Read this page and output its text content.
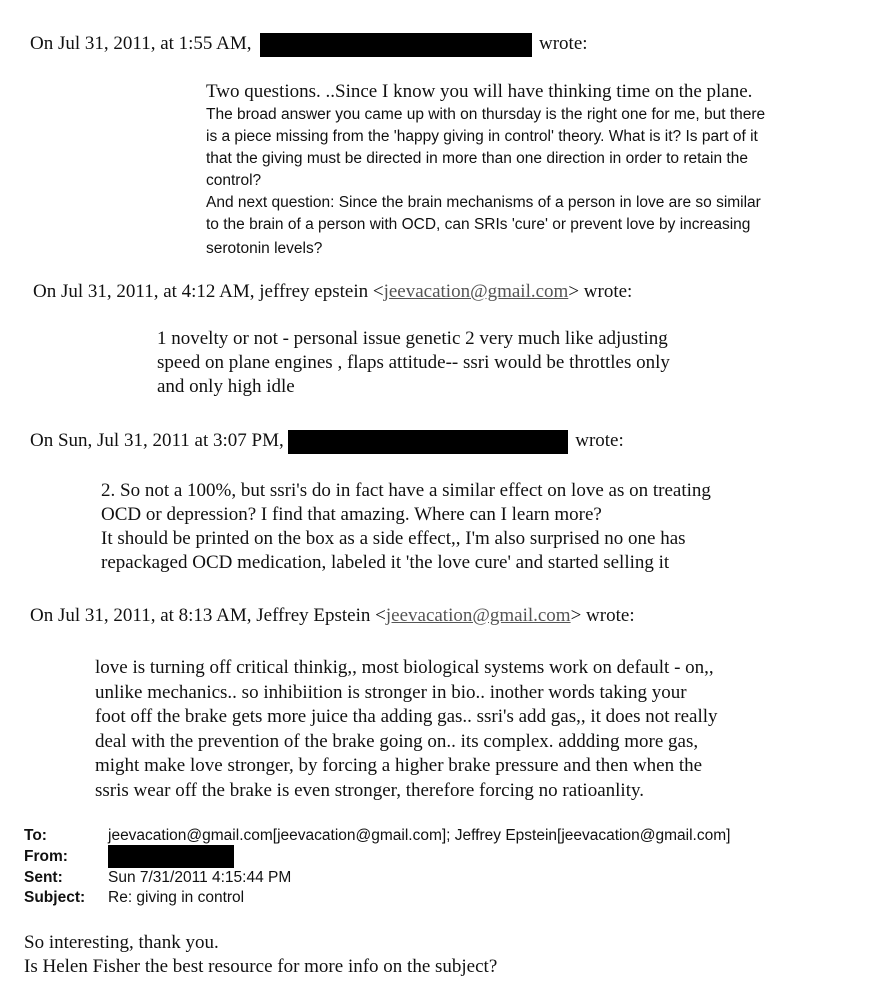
On Jul 31, 2011, at 1:55 AM,	wrote:
Two questions. ..Since I know you will have thinking time on the plane.
The broad answer you came up with on thursday is the right one for me, but there
is a piece missing from the 'happy giving in control' theory. What is it? Is part of it
that the giving must be directed in more than one direction in order to retain the
control?
And next question: Since the brain mechanisms of a person in love are so similar
to the brain of a person with OCD, can SRIs 'cure' or prevent love by increasing
serotonin levels?
On Jul 31, 2011, at 4:12 AM, jeffrey epstein <jeevacation@gmail.com> wrote:
1 novelty or not - personal issue genetic 2 very much like adjusting
speed on plane engines , flaps attitude-- ssri would be throttles only
and only high idle
On Sun, Jul 31, 2011 at 3:07 PM,	wrote:
2. So not a 100%, but ssri's do in fact have a similar effect on love as on treating
OCD or depression? I find that amazing. Where can I learn more?
It should be printed on the box as a side effect,, I'm also surprised no one has
repackaged OCD medication, labeled it 'the love cure' and started selling it
On Jul 31, 2011, at 8:13 AM, Jeffrey Epstein <jeevacation@gmail.com> wrote:
love is turning off critical thinkig,, most biological systems work on default - on,,
unlike mechanics.. so inhibiition is stronger in bio.. inother words taking your
foot off the brake gets more juice tha adding gas.. ssri's add gas,, it does not really
deal with the prevention of the brake going on.. its complex. addding more gas,
might make love stronger, by forcing a higher brake pressure and then when the
ssris wear off the brake is even stronger, therefore forcing no ratioanlity.
To:	jeevacation@gmail.com[jeevacation@gmail.com]; Jeffrey Epstein[jeevacation@gmail.com]
From:
Sent:	Sun 7/31/2011 4:15:44 PM
Subject: Re: giving in control
So interesting, thank you.
Is Helen Fisher the best resource for more info on the subject?
